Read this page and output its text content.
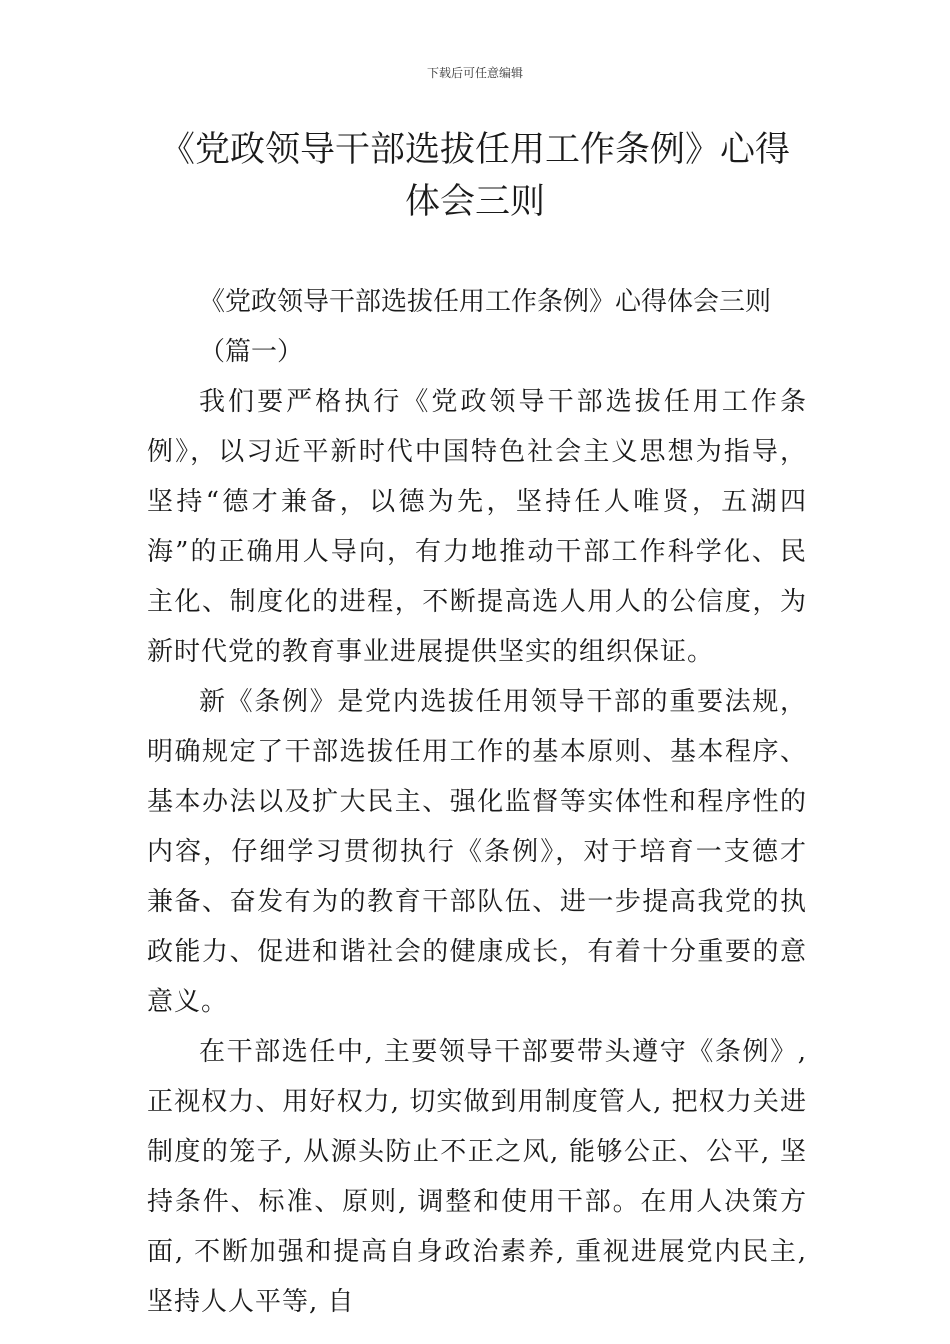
下载后可任意编辑
《党政领导干部选拔任用工作条例》心得
体会三则

《党政领导干部选拔任用工作条例》心得体会三则

（篇一）

我们要严格执行《党政领导干部选拔任用工作条例》，以习近平新时代中国特色社会主义思想为指导，坚持“德才兼备，以德为先，坚持任人唯贤，五湖四海”的正确用人导向，有力地推动干部工作科学化、民主化、制度化的进程，不断提高选人用人的公信度，为新时代党的教育事业进展提供坚实的组织保证。

新《条例》是党内选拔任用领导干部的重要法规，明确规定了干部选拔任用工作的基本原则、基本程序、基本办法以及扩大民主、强化监督等实体性和程序性的内容，仔细学习贯彻执行《条例》，对于培育一支德才兼备、奋发有为的教育干部队伍、进一步提高我党的执政能力、促进和谐社会的健康成长，有着十分重要的意意义。

在干部选任中, 主要领导干部要带头遵守《条例》, 正视权力、用好权力, 切实做到用制度管人, 把权力关进制度的笼子, 从源头防止不正之风, 能够公正、公平, 坚持条件、标准、原则, 调整和使用干部。在用人决策方面, 不断加强和提高自身政治素养, 重视进展党内民主, 坚持人人平等, 自
